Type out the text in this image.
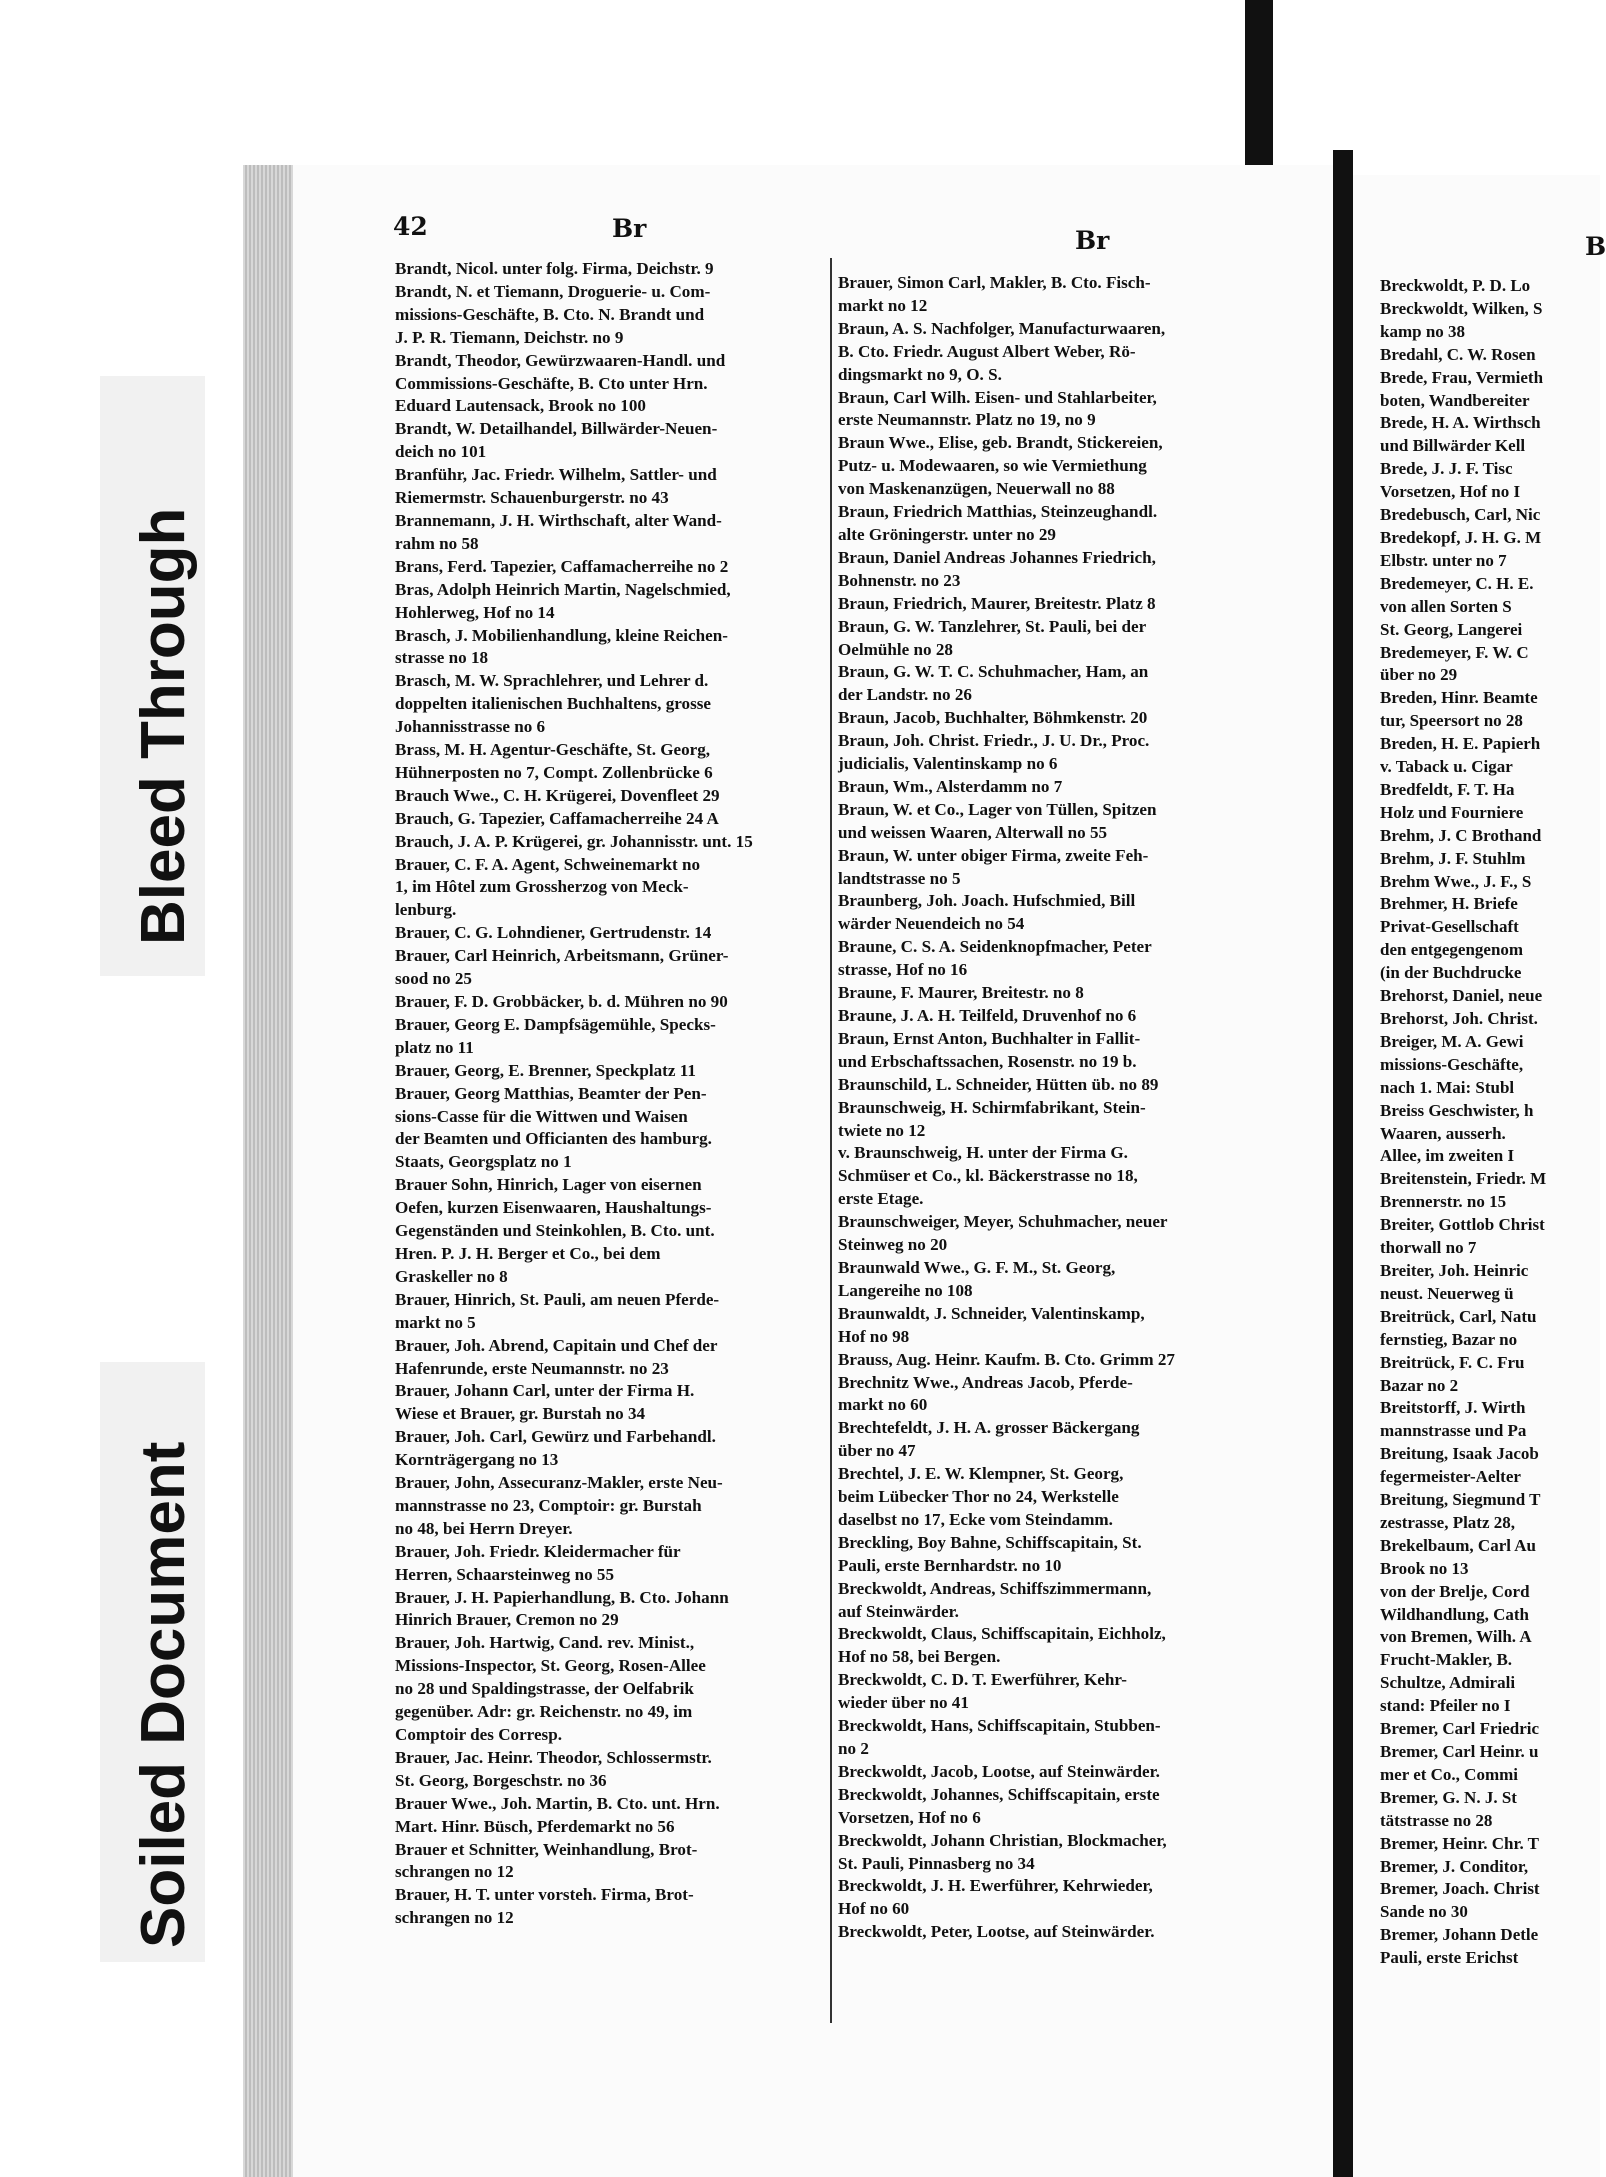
Bleed Through
Soiled Document
42	Br	Br	B
Brandt, Nicol. unter folg. Firma, Deichstr. 9
Brandt, N. et Tiemann, Droguerie- u. Com-
missions-Geschäfte, B. Cto. N. Brandt und
J. P. R. Tiemann, Deichstr. no 9
Brandt, Theodor, Gewürzwaaren-Handl. und
Commissions-Geschäfte, B. Cto unter Hrn.
Eduard Lautensack, Brook no 100
Brandt, W. Detailhandel, Billwärder-Neuen-
deich no 101
Branführ, Jac. Friedr. Wilhelm, Sattler- und
Riemermstr. Schauenburgerstr. no 43
Brannemann, J. H. Wirthschaft, alter Wand-
rahm no 58
Brans, Ferd. Tapezier, Caffamacherreihe no 2
Bras, Adolph Heinrich Martin, Nagelschmied,
Hohlerweg, Hof no 14
Brasch, J. Mobilienhandlung, kleine Reichen-
strasse no 18
Brasch, M. W. Sprachlehrer, und Lehrer d.
doppelten italienischen Buchhaltens, grosse
Johannisstrasse no 6
Brass, M. H. Agentur-Geschäfte, St. Georg,
Hühnerposten no 7, Compt. Zollenbrücke 6
Brauch Wwe., C. H. Krügerei, Dovenfleet 29
Brauch, G. Tapezier, Caffamacherreihe 24 A
Brauch, J. A. P. Krügerei, gr. Johannisstr. unt. 15
Brauer, C. F. A. Agent, Schweinemarkt no
1, im Hôtel zum Grossherzog von Meck-
lenburg.
Brauer, C. G. Lohndiener, Gertrudenstr. 14
Brauer, Carl Heinrich, Arbeitsmann, Grüner-
sood no 25
Brauer, F. D. Grobbäcker, b. d. Mühren no 90
Brauer, Georg E. Dampfsägemühle, Specks-
platz no 11
Brauer, Georg, E. Brenner, Speckplatz 11
Brauer, Georg Matthias, Beamter der Pen-
sions-Casse für die Wittwen und Waisen
der Beamten und Officianten des hamburg.
Staats, Georgsplatz no 1
Brauer Sohn, Hinrich, Lager von eisernen
Oefen, kurzen Eisenwaaren, Haushaltungs-
Gegenständen und Steinkohlen, B. Cto. unt.
Hren. P. J. H. Berger et Co., bei dem
Graskeller no 8
Brauer, Hinrich, St. Pauli, am neuen Pferde-
markt no 5
Brauer, Joh. Abrend, Capitain und Chef der
Hafenrunde, erste Neumannstr. no 23
Brauer, Johann Carl, unter der Firma H.
Wiese et Brauer, gr. Burstah no 34
Brauer, Joh. Carl, Gewürz und Farbehandl.
Kornträgergang no 13
Brauer, John, Assecuranz-Makler, erste Neu-
mannstrasse no 23, Comptoir: gr. Burstah
no 48, bei Herrn Dreyer.
Brauer, Joh. Friedr. Kleidermacher für
Herren, Schaarsteinweg no 55
Brauer, J. H. Papierhandlung, B. Cto. Johann
Hinrich Brauer, Cremon no 29
Brauer, Joh. Hartwig, Cand. rev. Minist.,
Missions-Inspector, St. Georg, Rosen-Allee
no 28 und Spaldingstrasse, der Oelfabrik
gegenüber. Adr: gr. Reichenstr. no 49, im
Comptoir des Corresp.
Brauer, Jac. Heinr. Theodor, Schlossermstr.
St. Georg, Borgeschstr. no 36
Brauer Wwe., Joh. Martin, B. Cto. unt. Hrn.
Mart. Hinr. Büsch, Pferdemarkt no 56
Brauer et Schnitter, Weinhandlung, Brot-
schrangen no 12
Brauer, H. T. unter vorsteh. Firma, Brot-
schrangen no 12
Brauer, Simon Carl, Makler, B. Cto. Fisch-
markt no 12
Braun, A. S. Nachfolger, Manufacturwaaren,
B. Cto. Friedr. August Albert Weber, Rö-
dingsmarkt no 9, O. S.
Braun, Carl Wilh. Eisen- und Stahlarbeiter,
erste Neumannstr. Platz no 19, no 9
Braun Wwe., Elise, geb. Brandt, Stickereien,
Putz- u. Modewaaren, so wie Vermiethung
von Maskenanzügen, Neuerwall no 88
Braun, Friedrich Matthias, Steinzeughandl.
alte Gröningerstr. unter no 29
Braun, Daniel Andreas Johannes Friedrich,
Bohnenstr. no 23
Braun, Friedrich, Maurer, Breitestr. Platz 8
Braun, G. W. Tanzlehrer, St. Pauli, bei der
Oelmühle no 28
Braun, G. W. T. C. Schuhmacher, Ham, an
der Landstr. no 26
Braun, Jacob, Buchhalter, Böhmkenstr. 20
Braun, Joh. Christ. Friedr., J. U. Dr., Proc.
judicialis, Valentinskamp no 6
Braun, Wm., Alsterdamm no 7
Braun, W. et Co., Lager von Tüllen, Spitzen
und weissen Waaren, Alterwall no 55
Braun, W. unter obiger Firma, zweite Feh-
landtstrasse no 5
Braunberg, Joh. Joach. Hufschmied, Bill
wärder Neuendeich no 54
Braune, C. S. A. Seidenknopfmacher, Peter
strasse, Hof no 16
Braune, F. Maurer, Breitestr. no 8
Braune, J. A. H. Teilfeld, Druvenhof no 6
Braun, Ernst Anton, Buchhalter in Fallit-
und Erbschaftssachen, Rosenstr. no 19 b.
Braunschild, L. Schneider, Hütten üb. no 89
Braunschweig, H. Schirmfabrikant, Stein-
twiete no 12
v. Braunschweig, H. unter der Firma G.
Schmüser et Co., kl. Bäckerstrasse no 18,
erste Etage.
Braunschweiger, Meyer, Schuhmacher, neuer
Steinweg no 20
Braunwald Wwe., G. F. M., St. Georg,
Langereihe no 108
Braunwaldt, J. Schneider, Valentinskamp,
Hof no 98
Brauss, Aug. Heinr. Kaufm. B. Cto. Grimm 27
Brechnitz Wwe., Andreas Jacob, Pferde-
markt no 60
Brechtefeldt, J. H. A. grosser Bäckergang
über no 47
Brechtel, J. E. W. Klempner, St. Georg,
beim Lübecker Thor no 24, Werkstelle
daselbst no 17, Ecke vom Steindamm.
Breckling, Boy Bahne, Schiffscapitain, St.
Pauli, erste Bernhardstr. no 10
Breckwoldt, Andreas, Schiffszimmermann,
auf Steinwärder.
Breckwoldt, Claus, Schiffscapitain, Eichholz,
Hof no 58, bei Bergen.
Breckwoldt, C. D. T. Ewerführer, Kehr-
wieder über no 41
Breckwoldt, Hans, Schiffscapitain, Stubben-
no 2
Breckwoldt, Jacob, Lootse, auf Steinwärder.
Breckwoldt, Johannes, Schiffscapitain, erste
Vorsetzen, Hof no 6
Breckwoldt, Johann Christian, Blockmacher,
St. Pauli, Pinnasberg no 34
Breckwoldt, J. H. Ewerführer, Kehrwieder,
Hof no 60
Breckwoldt, Peter, Lootse, auf Steinwärder.
Breckwoldt, P. D. Lo
Breckwoldt, Wilken, S
kamp no 38
Bredahl, C. W. Rosen
Brede, Frau, Vermieth
boten, Wandbereiter
Brede, H. A. Wirthsch
und Billwärder Kell
Brede, J. J. F. Tisc
Vorsetzen, Hof no I
Bredebusch, Carl, Nic
Bredekopf, J. H. G. M
Elbstr. unter no 7
Bredemeyer, C. H. E.
von allen Sorten S
St. Georg, Langerei
Bredemeyer, F. W. C
über no 29
Breden, Hinr. Beamte
tur, Speersort no 28
Breden, H. E. Papierh
v. Taback u. Cigar
Bredfeldt, F. T. Ha
Holz und Fourniere
Brehm, J. C Brothand
Brehm, J. F. Stuhlm
Brehm Wwe., J. F., S
Brehmer, H. Briefe
Privat-Gesellschaft
den entgegengenom
(in der Buchdrucke
Brehorst, Daniel, neue
Brehorst, Joh. Christ.
Breiger, M. A. Gewi
missions-Geschäfte,
nach 1. Mai: Stubl
Breiss Geschwister, h
Waaren, ausserh.
Allee, im zweiten I
Breitenstein, Friedr. M
Brennerstr. no 15
Breiter, Gottlob Christ
thorwall no 7
Breiter, Joh. Heinric
neust. Neuerweg ü
Breitrück, Carl, Natu
fernstieg, Bazar no
Breitrück, F. C. Fru
Bazar no 2
Breitstorff, J. Wirth
mannstrasse und Pa
Breitung, Isaak Jacob
fegermeister-Aelter
Breitung, Siegmund T
zestrasse, Platz 28,
Brekelbaum, Carl Au
Brook no 13
von der Brelje, Cord
Wildhandlung, Cath
von Bremen, Wilh. A
Frucht-Makler, B.
Schultze, Admirali
stand: Pfeiler no I
Bremer, Carl Friedric
Bremer, Carl Heinr. u
mer et Co., Commi
Bremer, G. N. J. St
tätstrasse no 28
Bremer, Heinr. Chr. T
Bremer, J. Conditor,
Bremer, Joach. Christ
Sande no 30
Bremer, Johann Detle
Pauli, erste Erichst
